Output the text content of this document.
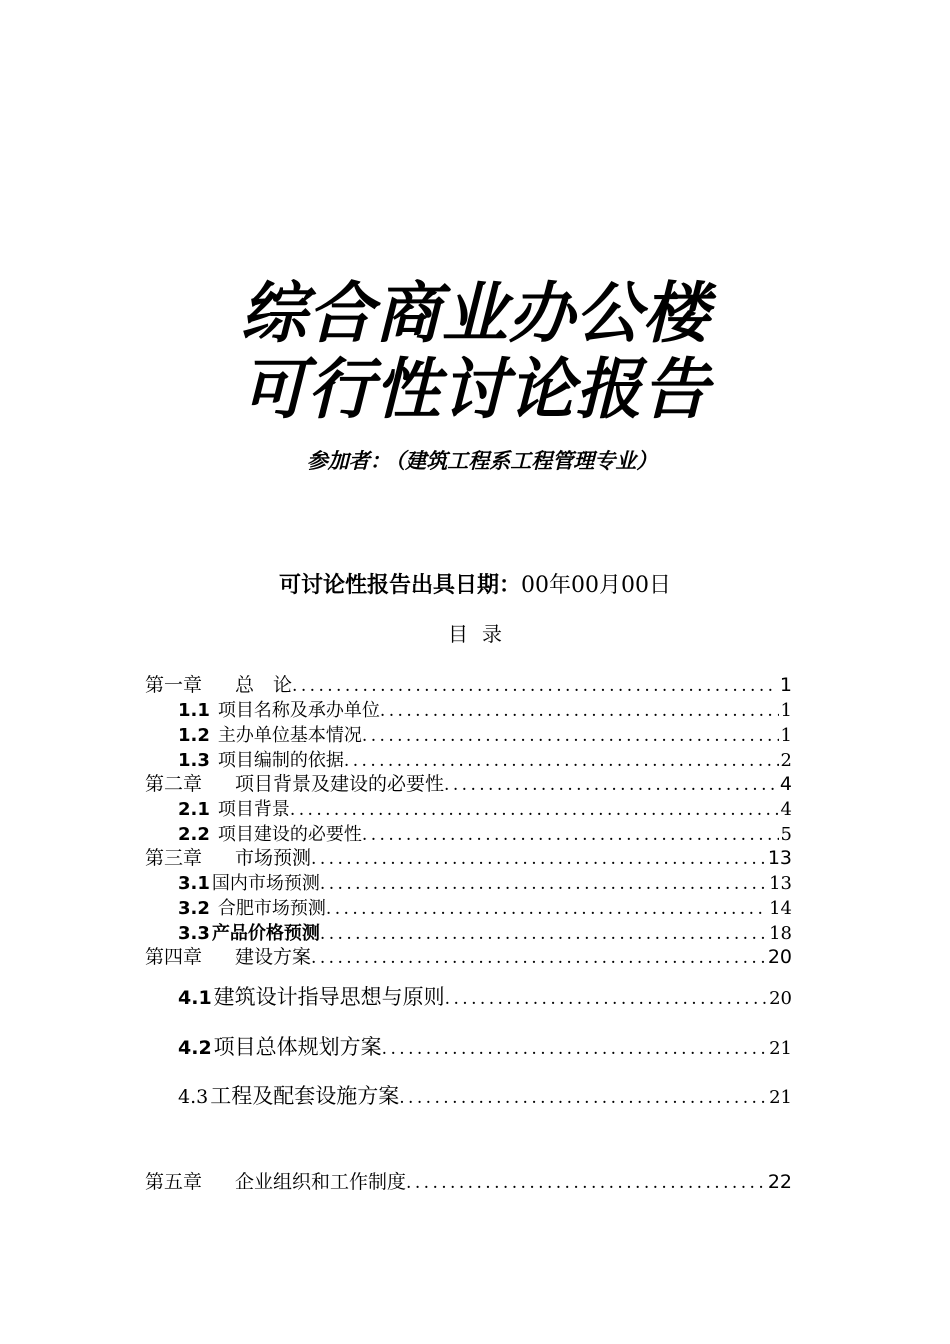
综合商业办公楼
可行性讨论报告
参加者： （建筑工程系工程管理专业）
可讨论性报告出具日期：00年00月00日
目录
第一章 总　论 . . .	1
1.1 项目名称及承办单位 . . .	1
1.2 主办单位基本情况 . . .	1
1.3 项目编制的依据 . . .	2
第二章 项目背景及建设的必要性 . . .	4
2.1 项目背景 . . .	4
2.2 项目建设的必要性 . . .	5
第三章 市场预测 . . .	13
3.1 国内市场预测 . . .	13
3.2 合肥市场预测 . . .	14
3.3 产品价格预测 . . .	18
第四章 建设方案 . . .	20
4.1建筑设计指导思想与原则 . . .	20
4.2项目总体规划方案 . . .	21
4.3工程及配套设施方案 . . .	21
第五章 企业组织和工作制度 . . .	22
